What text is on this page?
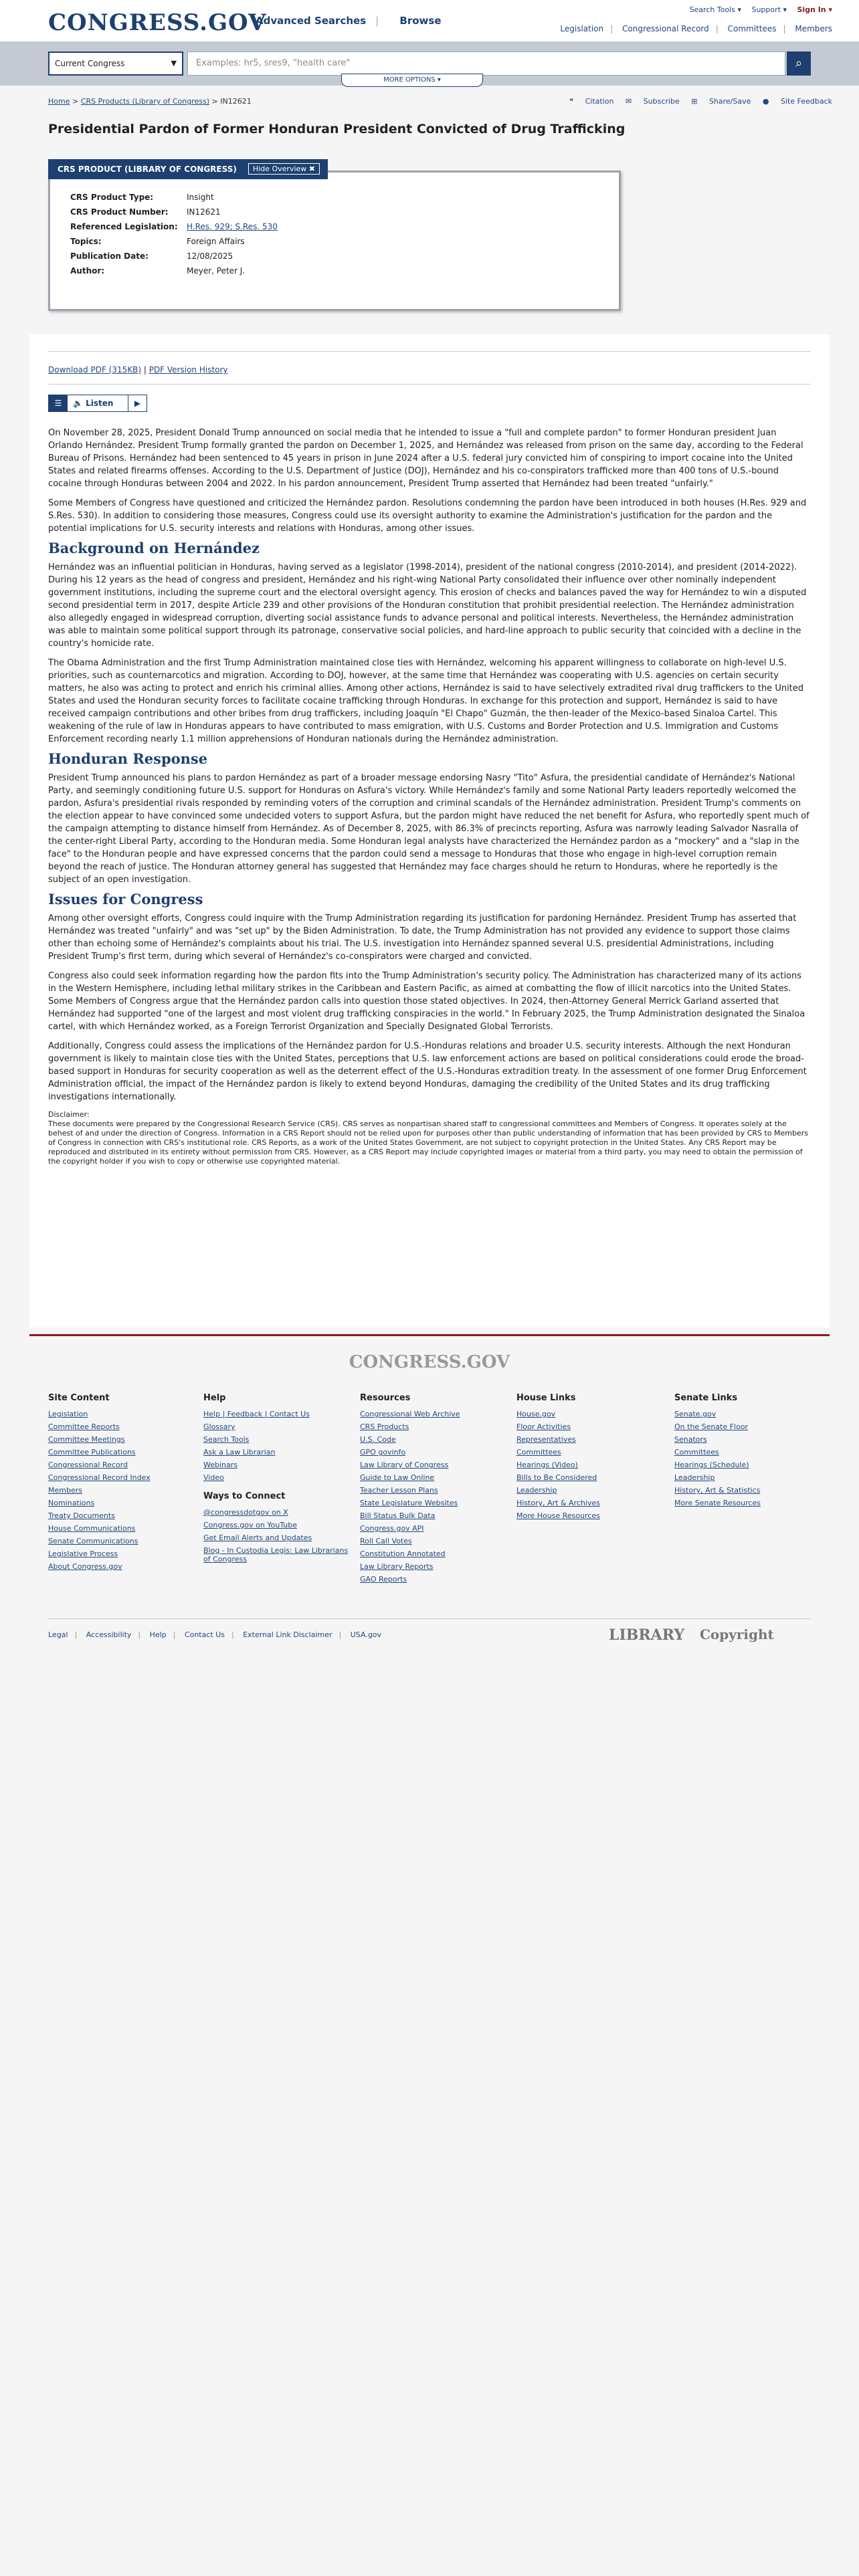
CONGRESS.GOV
Advanced Searches | Browse
Search Tools ▾ Support ▾ Sign In ▾
Legislation | Congressional Record | Committees | Members
Current Congress	▼	Examples: hr5, sres9, "health care"	⌕
MORE OPTIONS ▾
Home > CRS Products (Library of Congress) > IN12621	❝ Citation ✉ Subscribe ⊞ Share/Save ● Site Feedback
Presidential Pardon of Former Honduran President Convicted of Drug Trafficking
CRS Product Type:	Insight
CRS Product Number:	IN12621
Referenced Legislation:	H.Res. 929; S.Res. 530
Topics:	Foreign Affairs
Publication Date:	12/08/2025
Author:	Meyer, Peter J.
CRS PRODUCT (LIBRARY OF CONGRESS)	Hide Overview ✖
Download PDF (315KB) | PDF Version History
☰	🔈 Listen	▶

On November 28, 2025, President Donald Trump announced on social media that he intended to issue a "full and complete pardon" to former Honduran president Juan Orlando Hernández. President Trump formally granted the pardon on December 1, 2025, and Hernández was released from prison on the same day, according to the Federal Bureau of Prisons. Hernández had been sentenced to 45 years in prison in June 2024 after a U.S. federal jury convicted him of conspiring to import cocaine into the United States and related firearms offenses. According to the U.S. Department of Justice (DOJ), Hernández and his co-conspirators trafficked more than 400 tons of U.S.-bound cocaine through Honduras between 2004 and 2022. In his pardon announcement, President Trump asserted that Hernández had been treated "unfairly."

Some Members of Congress have questioned and criticized the Hernández pardon. Resolutions condemning the pardon have been introduced in both houses (H.Res. 929 and S.Res. 530). In addition to considering those measures, Congress could use its oversight authority to examine the Administration's justification for the pardon and the potential implications for U.S. security interests and relations with Honduras, among other issues.

Background on Hernández

Hernández was an influential politician in Honduras, having served as a legislator (1998-2014), president of the national congress (2010-2014), and president (2014-2022). During his 12 years as the head of congress and president, Hernández and his right-wing National Party consolidated their influence over other nominally independent government institutions, including the supreme court and the electoral oversight agency. This erosion of checks and balances paved the way for Hernández to win a disputed second presidential term in 2017, despite Article 239 and other provisions of the Honduran constitution that prohibit presidential reelection. The Hernández administration also allegedly engaged in widespread corruption, diverting social assistance funds to advance personal and political interests. Nevertheless, the Hernández administration was able to maintain some political support through its patronage, conservative social policies, and hard-line approach to public security that coincided with a decline in the country's homicide rate.

The Obama Administration and the first Trump Administration maintained close ties with Hernández, welcoming his apparent willingness to collaborate on high-level U.S. priorities, such as counternarcotics and migration. According to DOJ, however, at the same time that Hernández was cooperating with U.S. agencies on certain security matters, he also was acting to protect and enrich his criminal allies. Among other actions, Hernández is said to have selectively extradited rival drug traffickers to the United States and used the Honduran security forces to facilitate cocaine trafficking through Honduras. In exchange for this protection and support, Hernández is said to have received campaign contributions and other bribes from drug traffickers, including Joaquín "El Chapo" Guzmán, the then-leader of the Mexico-based Sinaloa Cartel. This weakening of the rule of law in Honduras appears to have contributed to mass emigration, with U.S. Customs and Border Protection and U.S. Immigration and Customs Enforcement recording nearly 1.1 million apprehensions of Honduran nationals during the Hernández administration.

Honduran Response

President Trump announced his plans to pardon Hernández as part of a broader message endorsing Nasry "Tito" Asfura, the presidential candidate of Hernández's National Party, and seemingly conditioning future U.S. support for Honduras on Asfura's victory. While Hernández's family and some National Party leaders reportedly welcomed the pardon, Asfura's presidential rivals responded by reminding voters of the corruption and criminal scandals of the Hernández administration. President Trump's comments on the election appear to have convinced some undecided voters to support Asfura, but the pardon might have reduced the net benefit for Asfura, who reportedly spent much of the campaign attempting to distance himself from Hernández. As of December 8, 2025, with 86.3% of precincts reporting, Asfura was narrowly leading Salvador Nasralla of the center-right Liberal Party, according to the Honduran media. Some Honduran legal analysts have characterized the Hernández pardon as a "mockery" and a "slap in the face" to the Honduran people and have expressed concerns that the pardon could send a message to Honduras that those who engage in high-level corruption remain beyond the reach of justice. The Honduran attorney general has suggested that Hernández may face charges should he return to Honduras, where he reportedly is the subject of an open investigation.

Issues for Congress

Among other oversight efforts, Congress could inquire with the Trump Administration regarding its justification for pardoning Hernández. President Trump has asserted that Hernández was treated "unfairly" and was "set up" by the Biden Administration. To date, the Trump Administration has not provided any evidence to support those claims other than echoing some of Hernández's complaints about his trial. The U.S. investigation into Hernández spanned several U.S. presidential Administrations, including President Trump's first term, during which several of Hernández's co-conspirators were charged and convicted.

Congress also could seek information regarding how the pardon fits into the Trump Administration's security policy. The Administration has characterized many of its actions in the Western Hemisphere, including lethal military strikes in the Caribbean and Eastern Pacific, as aimed at combatting the flow of illicit narcotics into the United States. Some Members of Congress argue that the Hernández pardon calls into question those stated objectives. In 2024, then-Attorney General Merrick Garland asserted that Hernández had supported "one of the largest and most violent drug trafficking conspiracies in the world." In February 2025, the Trump Administration designated the Sinaloa cartel, with which Hernández worked, as a Foreign Terrorist Organization and Specially Designated Global Terrorists.

Additionally, Congress could assess the implications of the Hernández pardon for U.S.-Honduras relations and broader U.S. security interests. Although the next Honduran government is likely to maintain close ties with the United States, perceptions that U.S. law enforcement actions are based on political considerations could erode the broad-based support in Honduras for security cooperation as well as the deterrent effect of the U.S.-Honduras extradition treaty. In the assessment of one former Drug Enforcement Administration official, the impact of the Hernández pardon is likely to extend beyond Honduras, damaging the credibility of the United States and its drug trafficking investigations internationally.

Disclaimer:
These documents were prepared by the Congressional Research Service (CRS). CRS serves as nonpartisan shared staff to congressional committees and Members of Congress. It operates solely at the behest of and under the direction of Congress. Information in a CRS Report should not be relied upon for purposes other than public understanding of information that has been provided by CRS to Members of Congress in connection with CRS's institutional role. CRS Reports, as a work of the United States Government, are not subject to copyright protection in the United States. Any CRS Report may be reproduced and distributed in its entirety without permission from CRS. However, as a CRS Report may include copyrighted images or material from a third party, you may need to obtain the permission of the copyright holder if you wish to copy or otherwise use copyrighted material.
CONGRESS.GOV
Site Content
Legislation
Committee Reports
Committee Meetings
Committee Publications
Congressional Record
Congressional Record Index
Members
Nominations
Treaty Documents
House Communications
Senate Communications
Legislative Process
About Congress.gov
Help
Help | Feedback | Contact Us
Glossary
Search Tools
Ask a Law Librarian
Webinars
Video
Ways to Connect
@congressdotgov on X
Congress.gov on YouTube
Get Email Alerts and Updates
Blog - In Custodia Legis: Law Librarians of Congress
Resources
Congressional Web Archive
CRS Products
U.S. Code
GPO govinfo
Law Library of Congress
Guide to Law Online
Teacher Lesson Plans
State Legislature Websites
Bill Status Bulk Data
Congress.gov API
Roll Call Votes
Constitution Annotated
Law Library Reports
GAO Reports
House Links
House.gov
Floor Activities
Representatives
Committees
Hearings (Video)
Bills to Be Considered
Leadership
History, Art & Archives
More House Resources
Senate Links
Senate.gov
On the Senate Floor
Senators
Committees
Hearings (Schedule)
Leadership
History, Art & Statistics
More Senate Resources
Legal | Accessibility | Help | Contact Us | External Link Disclaimer | USA.gov	LIBRARY Copyright
